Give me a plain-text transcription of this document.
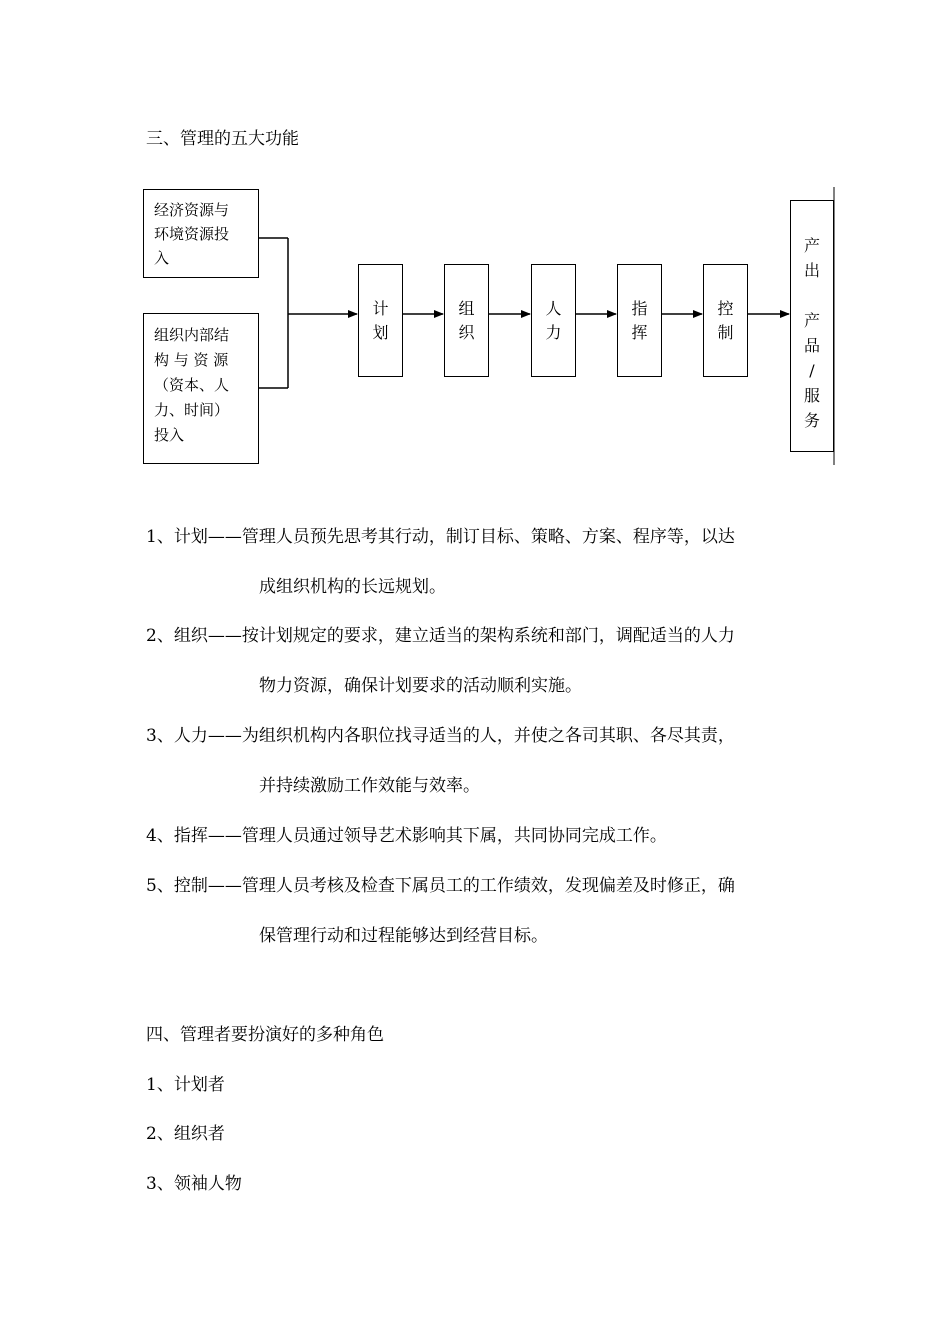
三、管理的五大功能
经济资源与
环境资源投
入
组织内部结
构 与 资 源
（资本、人
力、时间）
投入
计划
组织
人力
指挥
控制
产
出
产
品
/
服
务
1、计划——管理人员预先思考其行动，制订目标、策略、方案、程序等，以达
成组织机构的长远规划。
2、组织——按计划规定的要求，建立适当的架构系统和部门，调配适当的人力
物力资源，确保计划要求的活动顺利实施。
3、人力——为组织机构内各职位找寻适当的人，并使之各司其职、各尽其责，
并持续激励工作效能与效率。
4、指挥——管理人员通过领导艺术影响其下属，共同协同完成工作。
5、控制——管理人员考核及检查下属员工的工作绩效，发现偏差及时修正，确
保管理行动和过程能够达到经营目标。
四、管理者要扮演好的多种角色
1、计划者
2、组织者
3、领袖人物
